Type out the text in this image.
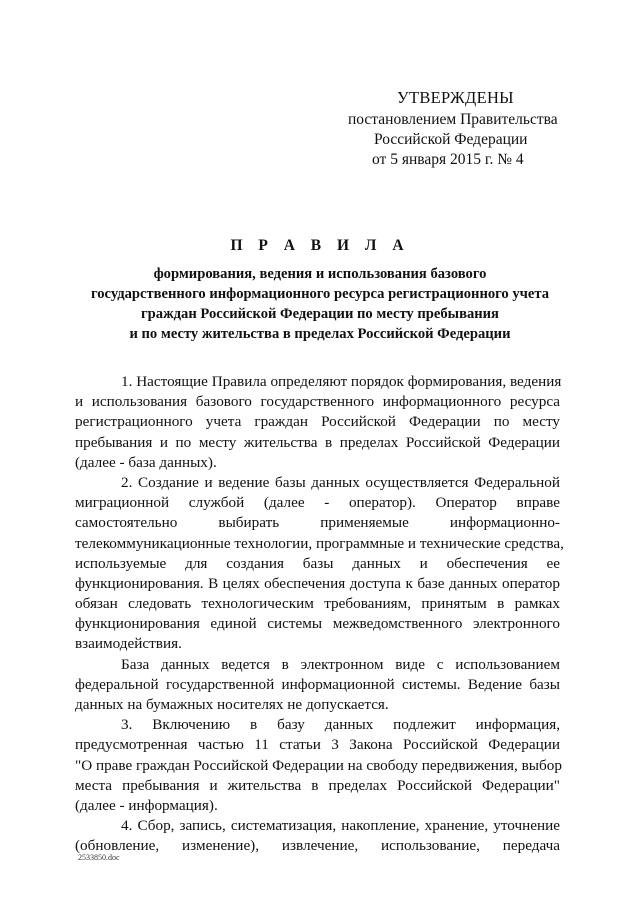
УТВЕРЖДЕНЫ
постановлением Правительства
Российской Федерации
от 5 января 2015 г. № 4
П Р А В И Л А
формирования, ведения и использования базового
государственного информационного ресурса регистрационного учета
граждан Российской Федерации по месту пребывания
и по месту жительства в пределах Российской Федерации
1. Настоящие Правила определяют порядок формирования, ведения
и использования базового государственного информационного ресурса
регистрационного учета граждан Российской Федерации по месту
пребывания и по месту жительства в пределах Российской Федерации
(далее - база данных).
2. Создание и ведение базы данных осуществляется Федеральной
миграционной службой (далее - оператор). Оператор вправе
самостоятельно выбирать применяемые информационно-
телекоммуникационные технологии, программные и технические средства,
используемые для создания базы данных и обеспечения ее
функционирования. В целях обеспечения доступа к базе данных оператор
обязан следовать технологическим требованиям, принятым в рамках
функционирования единой системы межведомственного электронного
взаимодействия.
База данных ведется в электронном виде с использованием
федеральной государственной информационной системы. Ведение базы
данных на бумажных носителях не допускается.
3. Включению в базу данных подлежит информация,
предусмотренная частью 11 статьи 3 Закона Российской Федерации
"О праве граждан Российской Федерации на свободу передвижения, выбор
места пребывания и жительства в пределах Российской Федерации"
(далее - информация).
4. Сбор, запись, систематизация, накопление, хранение, уточнение
(обновление, изменение), извлечение, использование, передача
2533850.doc
